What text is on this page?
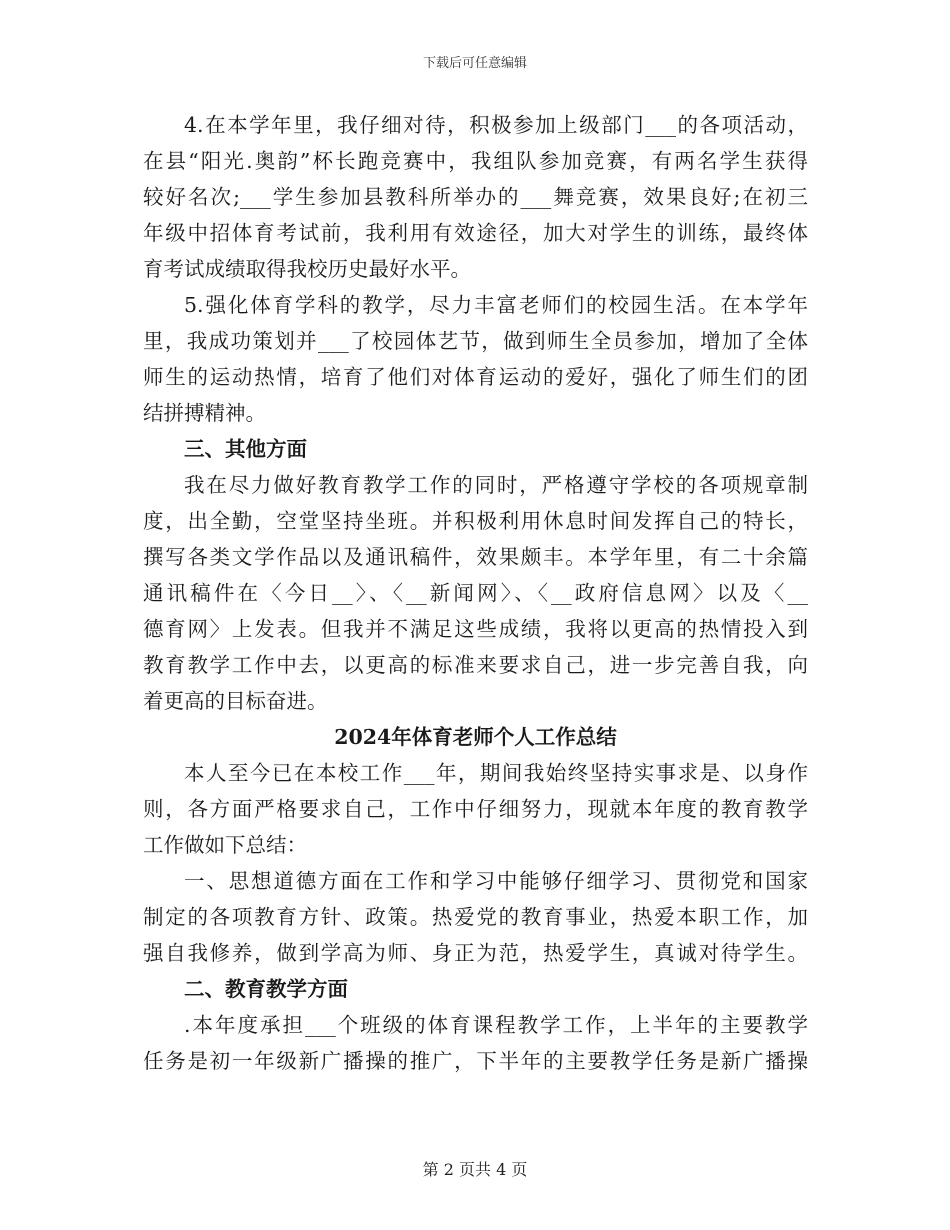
下载后可任意编辑
4.在本学年里，我仔细对待，积极参加上级部门___的各项活动，
在县“阳光.奥韵”杯长跑竞赛中，我组队参加竞赛，有两名学生获得
较好名次;___学生参加县教科所举办的___舞竞赛，效果良好;在初三
年级中招体育考试前，我利用有效途径，加大对学生的训练，最终体
育考试成绩取得我校历史最好水平。
5.强化体育学科的教学，尽力丰富老师们的校园生活。在本学年
里，我成功策划并___了校园体艺节，做到师生全员参加，增加了全体
师生的运动热情，培育了他们对体育运动的爱好，强化了师生们的团
结拼搏精神。
三、其他方面
我在尽力做好教育教学工作的同时，严格遵守学校的各项规章制
度，出全勤，空堂坚持坐班。并积极利用休息时间发挥自己的特长，
撰写各类文学作品以及通讯稿件，效果颇丰。本学年里，有二十余篇
通讯稿件在〈今日__〉、〈__新闻网〉、〈__政府信息网〉以及〈__
德育网〉上发表。但我并不满足这些成绩，我将以更高的热情投入到
教育教学工作中去，以更高的标准来要求自己，进一步完善自我，向
着更高的目标奋进。
2024年体育老师个人工作总结
本人至今已在本校工作___年，期间我始终坚持实事求是、以身作
则，各方面严格要求自己，工作中仔细努力，现就本年度的教育教学
工作做如下总结：
一、思想道德方面在工作和学习中能够仔细学习、贯彻党和国家
制定的各项教育方针、政策。热爱党的教育事业，热爱本职工作，加
强自我修养，做到学高为师、身正为范，热爱学生，真诚对待学生。
二、教育教学方面
.本年度承担___个班级的体育课程教学工作，上半年的主要教学
任务是初一年级新广播操的推广，下半年的主要教学任务是新广播操
第 2 页共 4 页
